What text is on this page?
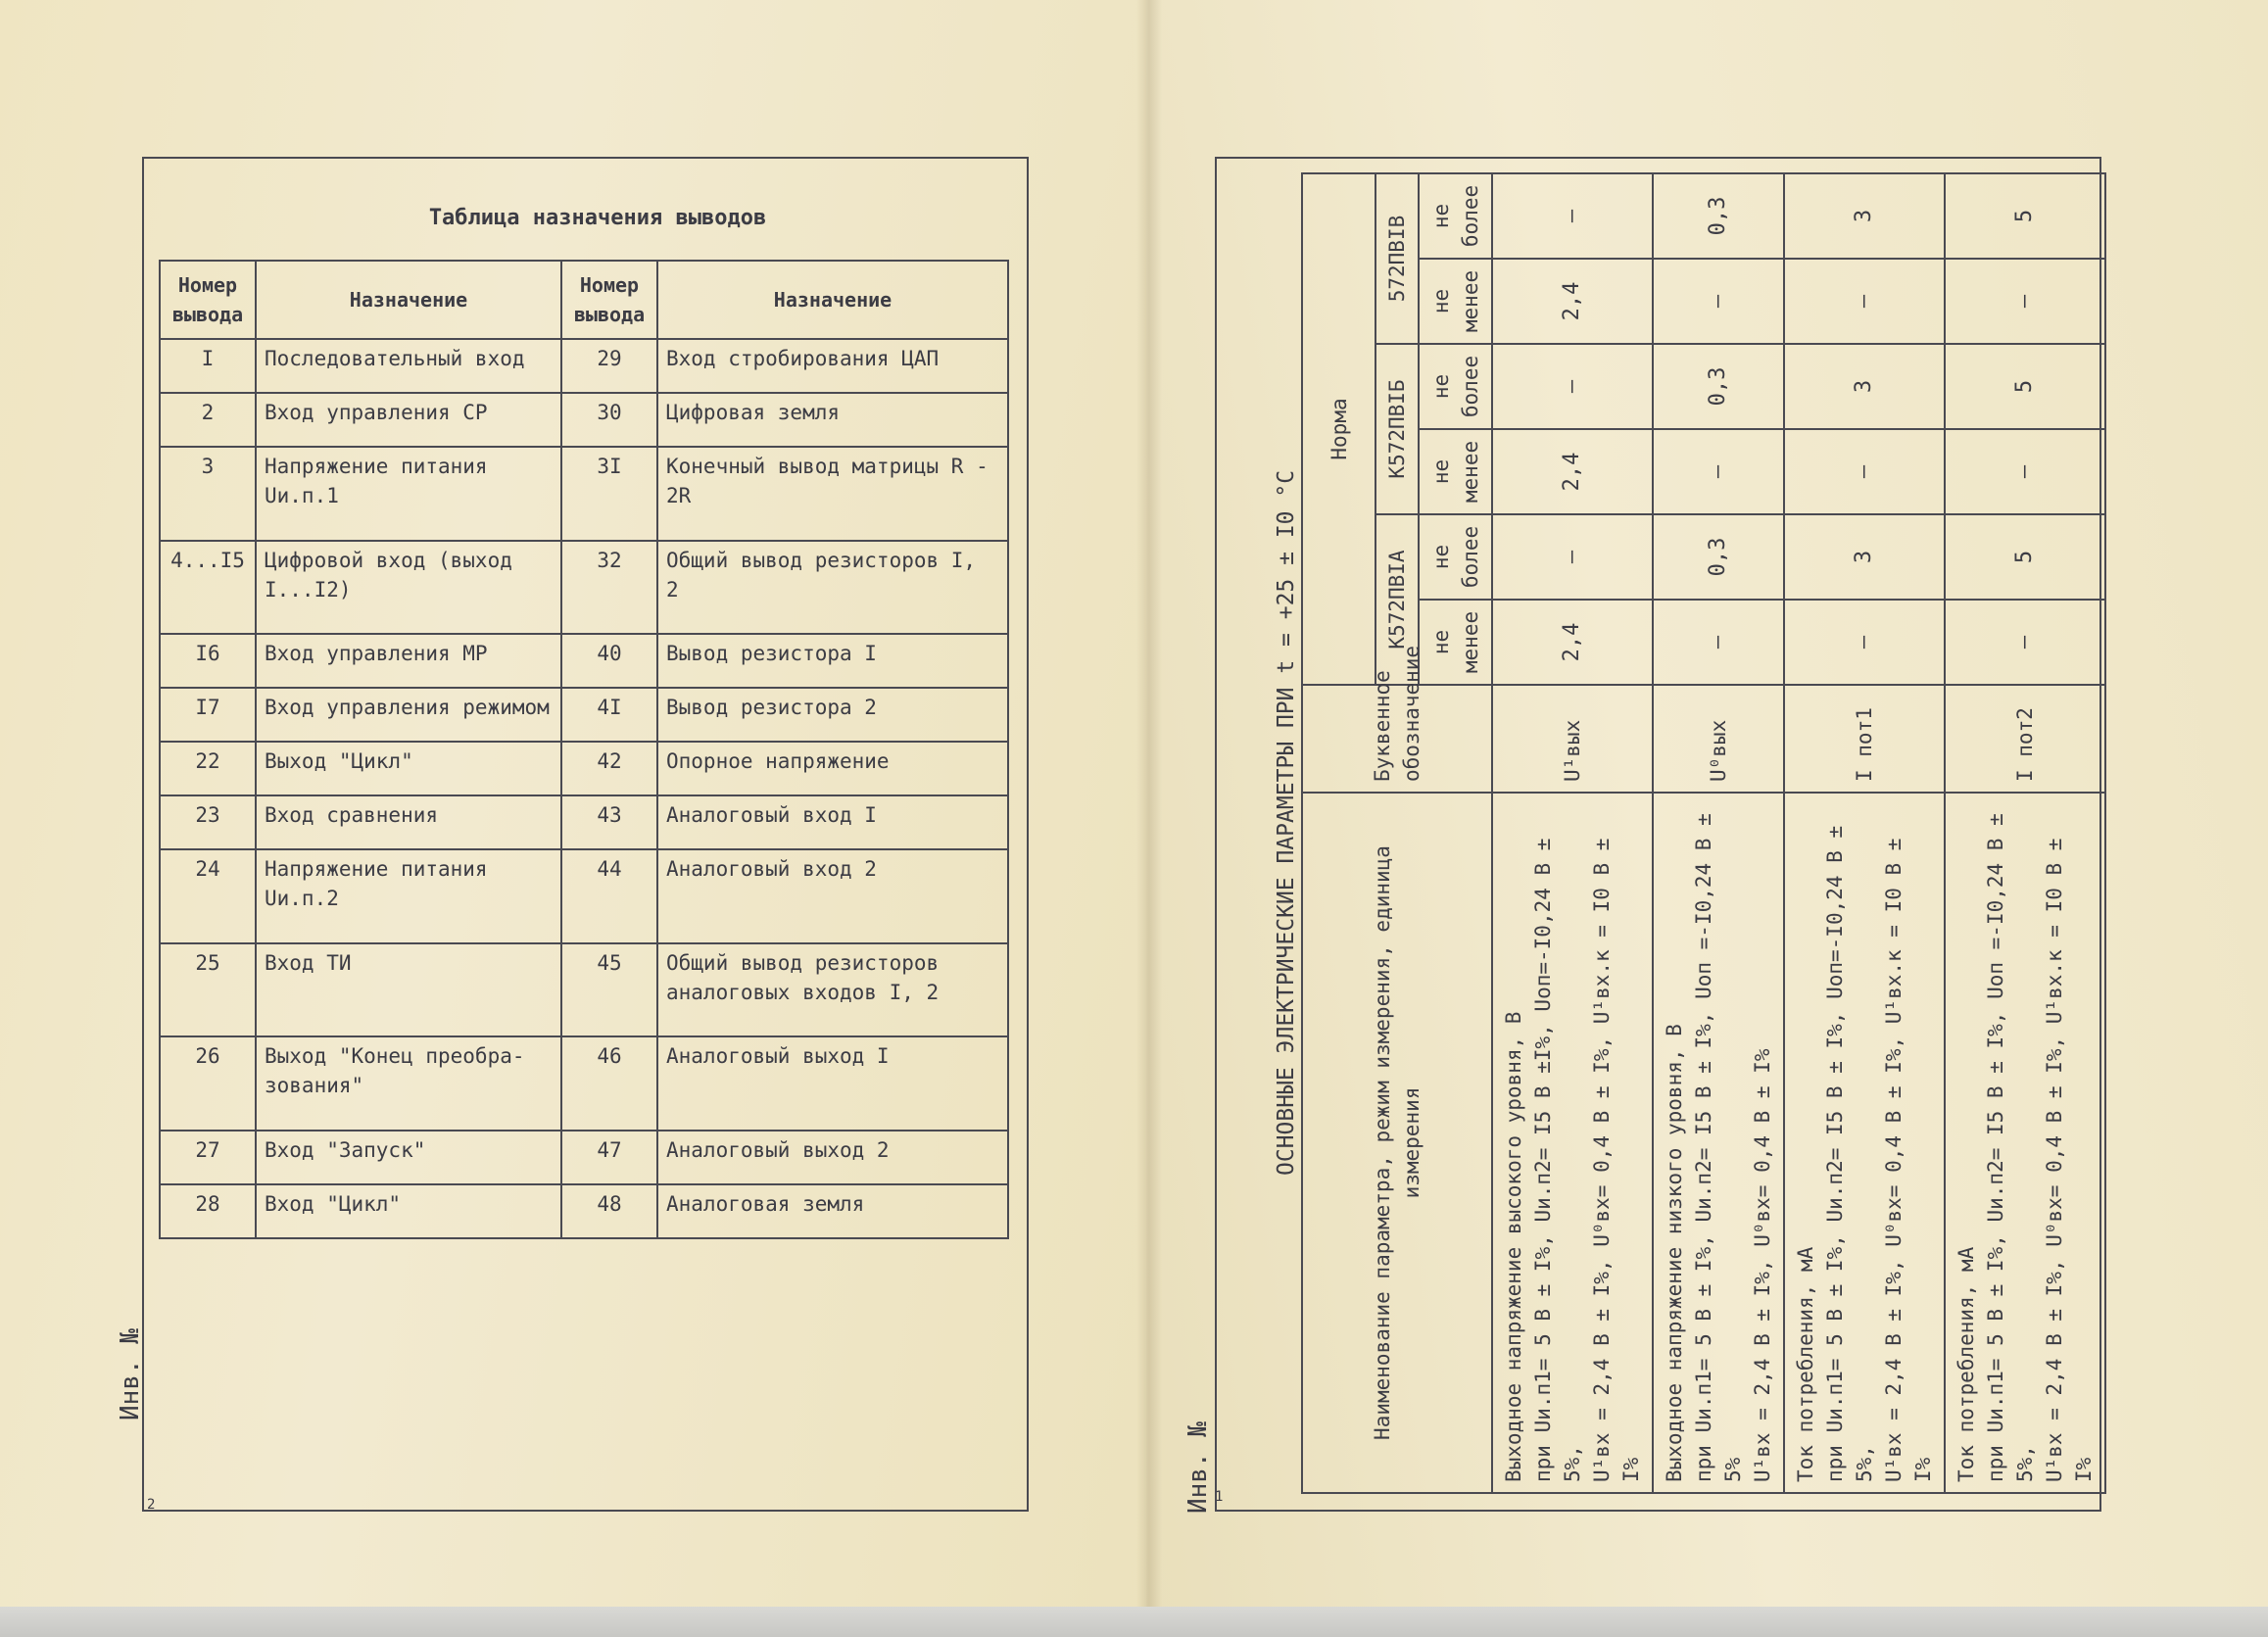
Таблица назначения выводов
Номер вывода	Назначение	Номер вывода	Назначение
I	Последовательный вход	29	Вход стробирования ЦАП
2	Вход управления СР	30	Цифровая земля
3	Напряжение питания Uи.п.1	3I	Конечный вывод матрицы R - 2R
4...I5	Цифровой вход (выход I...I2)	32	Общий вывод резисторов I, 2
I6	Вход управления МР	40	Вывод резистора I
I7	Вход управления режимом	4I	Вывод резистора 2
22	Выход "Цикл"	42	Опорное напряжение
23	Вход сравнения	43	Аналоговый вход I
24	Напряжение питания Uи.п.2	44	Аналоговый вход 2
25	Вход ТИ	45	Общий вывод резисторов аналоговых входов I, 2
26	Выход "Конец преобра-зования"	46	Аналоговый выход I
27	Вход "Запуск"	47	Аналоговый выход 2
28	Вход "Цикл"	48	Аналоговая земля
Инв. №
2
ОСНОВНЫЕ ЭЛЕКТРИЧЕСКИЕ ПАРАМЕТРЫ ПРИ t = +25 ± I0 °С
Инв. № 1
Наименование параметра, режим измерения, единица измерения	Буквенное обозначение	Норма					
		К572ПВIА		К572ПВIБ		572ПВIВ	
		не менее	не более	не менее	не более	не менее	не более

Выходное напряжение высокого уровня, В при Uи.п1= 5 В ± I%, Uи.п2= I5 В ±I%, Uоп=-I0,24 В ± 5%, U¹вх = 2,4 В ± I%, U⁰вх= 0,4 В ± I%, U¹вх.к = I0 В ± I%	U¹вых	2,4	–	2,4	–	2,4	–

Выходное напряжение низкого уровня, В при Uи.п1= 5 В ± I%, Uи.п2= I5 В ± I%, Uоп =-I0,24 В ± 5% U¹вх = 2,4 В ± I%, U⁰вх= 0,4 В ± I%	U⁰вых	–	0,3	–	0,3	–	0,3

Ток потребления, мА при Uи.п1= 5 В ± I%, Uи.п2= I5 В ± I%, Uоп=-I0,24 В ± 5%, U¹вх = 2,4 В ± I%, U⁰вх= 0,4 В ± I%, U¹вх.к = I0 В ± I%	I пот1	–	3	–	3	–	3

Ток потребления, мА при Uи.п1= 5 В ± I%, Uи.п2= I5 В ± I%, Uоп =-I0,24 В ± 5%, U¹вх = 2,4 В ± I%, U⁰вх= 0,4 В ± I%, U¹вх.к = I0 В ± I%	I пот2	–	5	–	5	–	5
